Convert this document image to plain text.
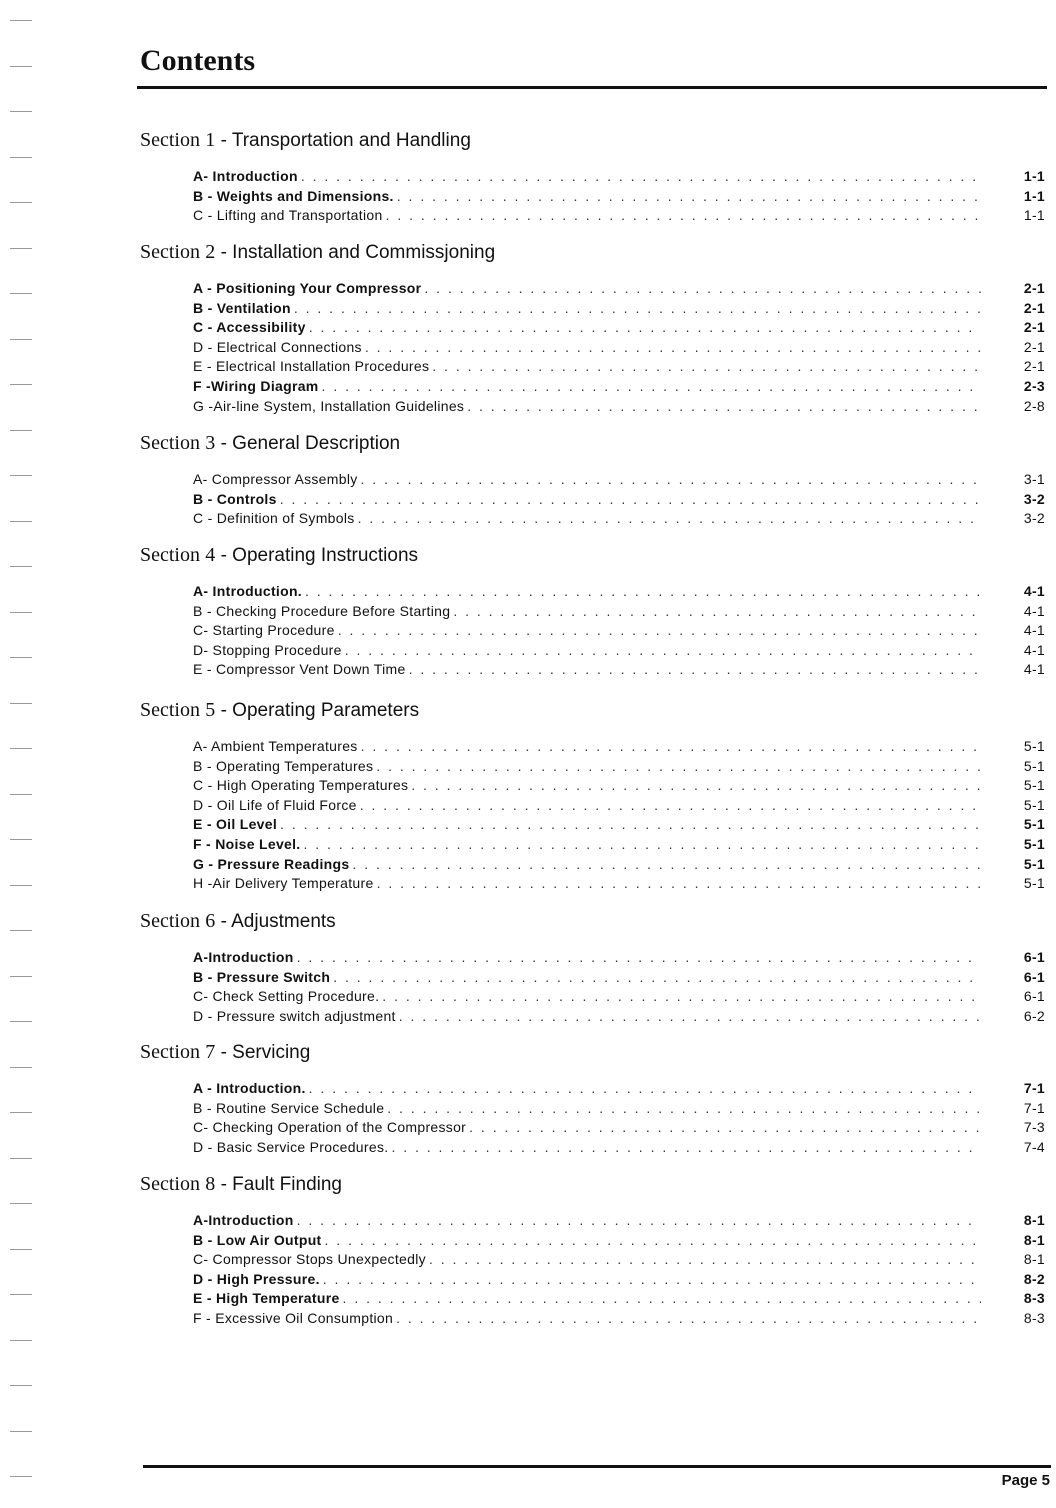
Contents
Section 1 - Transportation and Handling
A- Introduction . . .	1-1
B - Weights and Dimensions. . . .	1-1
C - Lifting and Transportation . . .	1-1
Section 2 - Installation and Commissjoning
A - Positioning Your Compressor . . .	2-1
B - Ventilation . . .	2-1
C - Accessibility . . .	2-1
D - Electrical Connections . . .	2-1
E - Electrical Installation Procedures . . .	2-1
F -Wiring Diagram . . .	2-3
G -Air-line System, Installation Guidelines . . .	2-8
Section 3 - General Description
A- Compressor Assembly . . .	3-1
B - Controls . . .	3-2
C - Definition of Symbols . . .	3-2
Section 4 - Operating Instructions
A- Introduction. . . .	4-1
B - Checking Procedure Before Starting . . .	4-1
C- Starting Procedure . . .	4-1
D- Stopping Procedure . . .	4-1
E - Compressor Vent Down Time . . .	4-1
Section 5 - Operating Parameters
A- Ambient Temperatures . . .	5-1
B - Operating Temperatures . . .	5-1
C - High Operating Temperatures . . .	5-1
D - Oil Life of Fluid Force . . .	5-1
E - Oil Level . . .	5-1
F - Noise Level. . . .	5-1
G - Pressure Readings . . .	5-1
H -Air Delivery Temperature . . .	5-1
Section 6 - Adjustments
A-Introduction . . .	6-1
B - Pressure Switch . . .	6-1
C- Check Setting Procedure. . . .	6-1
D - Pressure switch adjustment . . .	6-2
Section 7 - Servicing
A - Introduction. . . .	7-1
B - Routine Service Schedule . . .	7-1
C- Checking Operation of the Compressor . . .	7-3
D - Basic Service Procedures. . . .	7-4
Section 8 - Fault Finding
A-Introduction . . .	8-1
B - Low Air Output . . .	8-1
C- Compressor Stops Unexpectedly . . .	8-1
D - High Pressure. . . .	8-2
E - High Temperature . . .	8-3
F - Excessive Oil Consumption . . .	8-3
Page 5
